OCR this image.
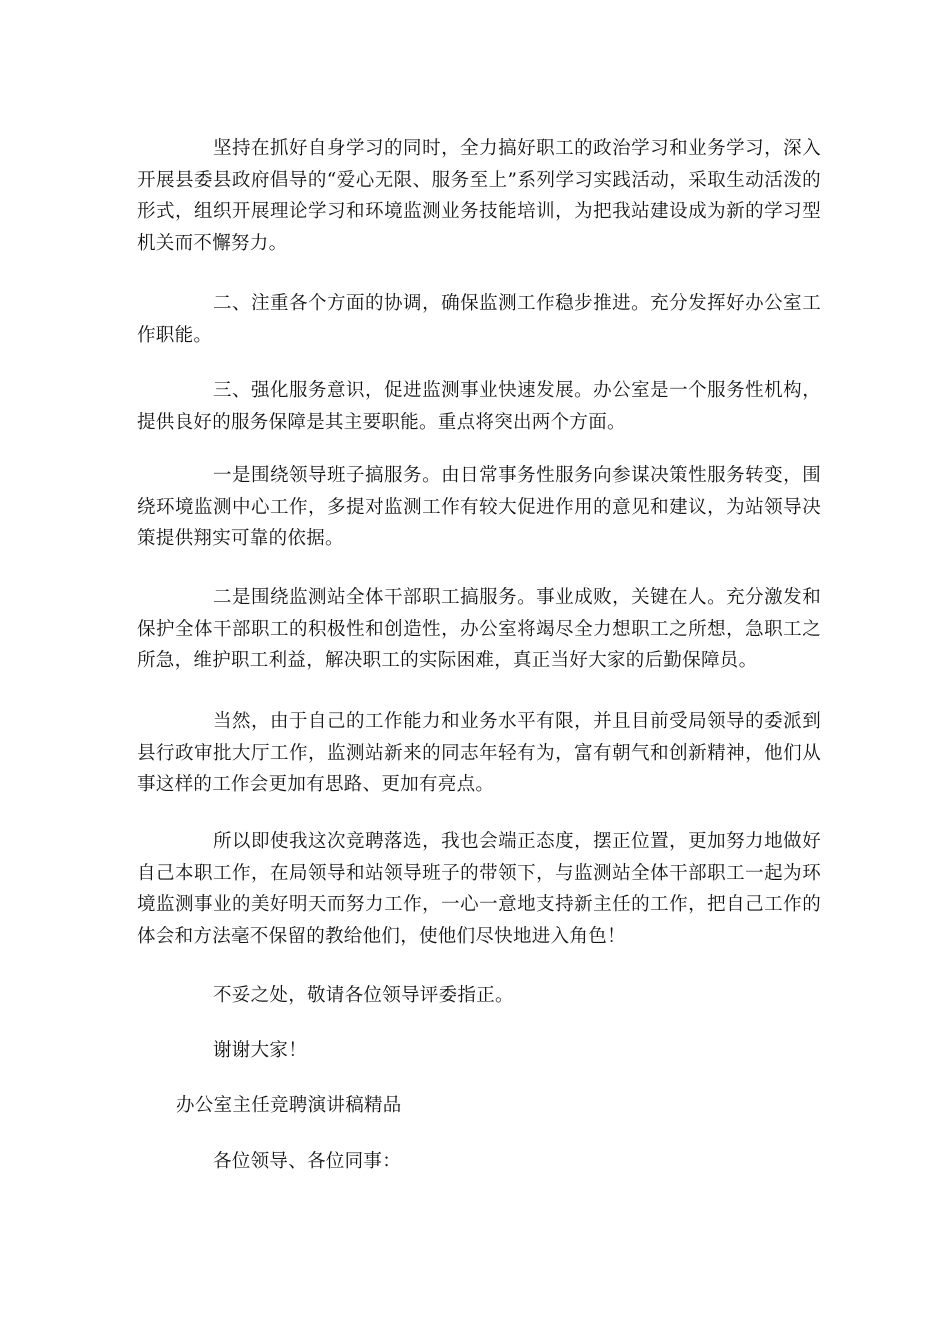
坚持在抓好自身学习的同时，全力搞好职工的政治学习和业务学习，深入开展县委县政府倡导的“爱心无限、服务至上”系列学习实践活动，采取生动活泼的形式，组织开展理论学习和环境监测业务技能培训，为把我站建设成为新的学习型机关而不懈努力。

二、注重各个方面的协调，确保监测工作稳步推进。充分发挥好办公室工作职能。

三、强化服务意识，促进监测事业快速发展。办公室是一个服务性机构，提供良好的服务保障是其主要职能。重点将突出两个方面。

一是围绕领导班子搞服务。由日常事务性服务向参谋决策性服务转变，围绕环境监测中心工作，多提对监测工作有较大促进作用的意见和建议，为站领导决策提供翔实可靠的依据。

二是围绕监测站全体干部职工搞服务。事业成败，关键在人。充分激发和保护全体干部职工的积极性和创造性，办公室将竭尽全力想职工之所想，急职工之所急，维护职工利益，解决职工的实际困难，真正当好大家的后勤保障员。

当然，由于自己的工作能力和业务水平有限，并且目前受局领导的委派到县行政审批大厅工作，监测站新来的同志年轻有为，富有朝气和创新精神，他们从事这样的工作会更加有思路、更加有亮点。

所以即使我这次竞聘落选，我也会端正态度，摆正位置，更加努力地做好自己本职工作，在局领导和站领导班子的带领下，与监测站全体干部职工一起为环境监测事业的美好明天而努力工作，一心一意地支持新主任的工作，把自己工作的体会和方法毫不保留的教给他们，使他们尽快地进入角色！

不妥之处，敬请各位领导评委指正。

谢谢大家！

办公室主任竞聘演讲稿精品

各位领导、各位同事：
